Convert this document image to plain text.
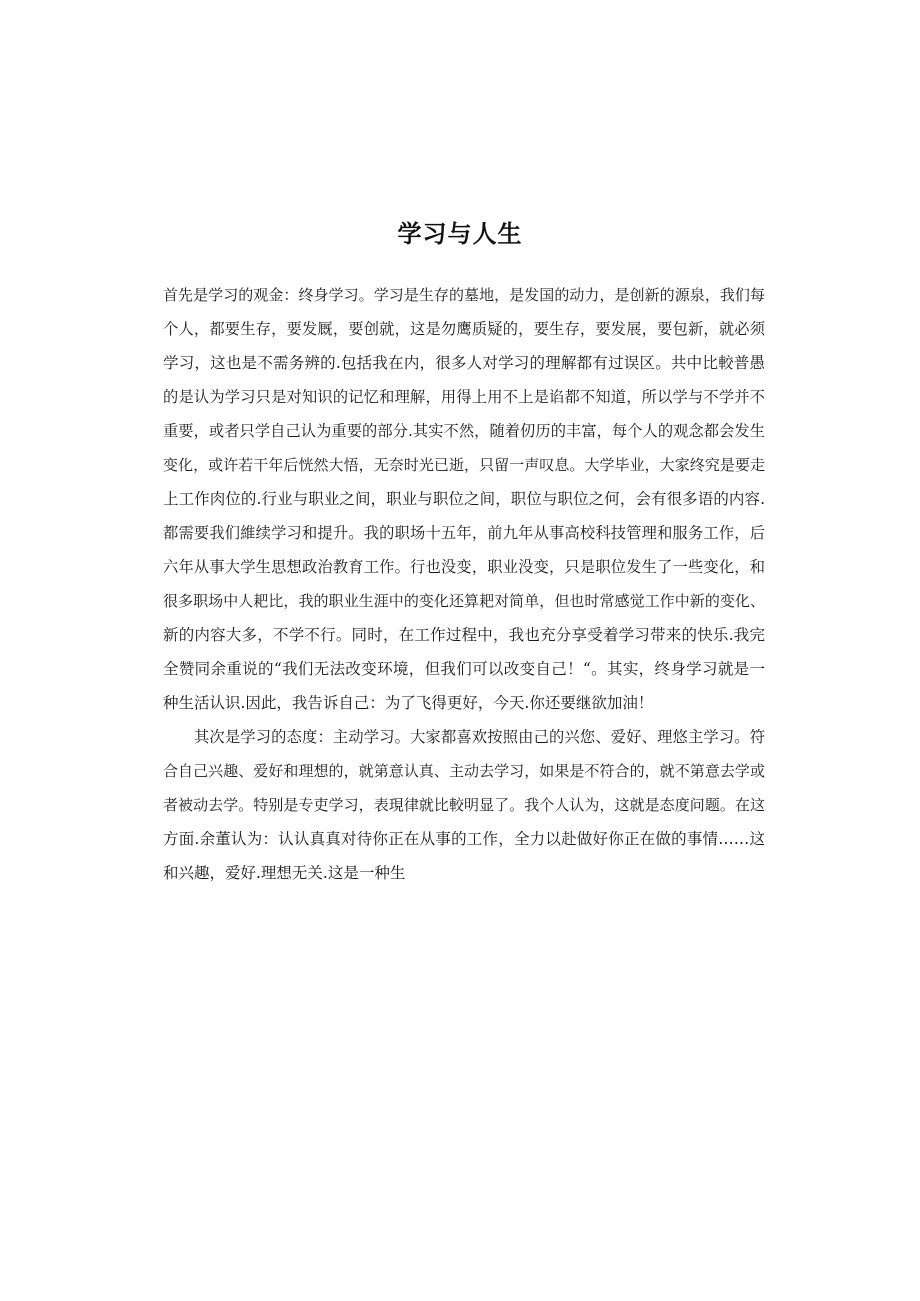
学习与人生
首先是学习的观金：终身学习。学习是生存的墓地，是发国的动力，是创新的源泉，我们每
个人，都要生存，要发厩，要创就，这是勿鹰质疑的，要生存，要发展，要包新，就必须
学习，这也是不需务辨的.包括我在内，很多人对学习的理解都有过误区。共中比較普愚
的是认为学习只是对知识的记忆和理解，用得上用不上是谄都不知道，所以学与不学并不
重要，或者只学自己认为重要的部分.其实不然，随着仞历的丰富，每个人的观念都会发生
变化，或许若干年后恍然大悟，无奈时光已逝，只留一声叹息。大学毕业，大家终究是要走
上工作肉位的.行业与职业之间，职业与职位之间，职位与职位之何，会有很多语的内容.
都需要我们維续学习和提升。我的职场十五年，前九年从事高校科技管理和服务工作，后
六年从事大学生思想政治教育工作。行也没变，职业没变，只是职位发生了一些变化，和
很多职场中人耙比，我的职业生涯中的变化还算耙对简单，但也时常感觉工作中新的变化、
新的内容大多，不学不行。同时，在工作过程中，我也充分享受着学习带来的快乐.我完
全赞同余重说的“我们无法改变环境，但我们可以改变自己！“。其实，终身学习就是一
种生活认识.因此，我告诉自己：为了飞得更好，今天.你还要继欲加油！
其次是学习的态度：主动学习。大家都喜欢按照由己的兴您、爱好、理悠主学习。符
合自己兴趣、爱好和理想的，就第意认真、主动去学习，如果是不符合的，就不第意去学或
者被动去学。特别是专吏学习，表現律就比較明显了。我个人认为，这就是态度问题。在这
方面.余董认为：认认真真对待你正在从事的工作，全力以赴做好你正在做的事情……这
和兴趣，爱好.理想无关.这是一种生
